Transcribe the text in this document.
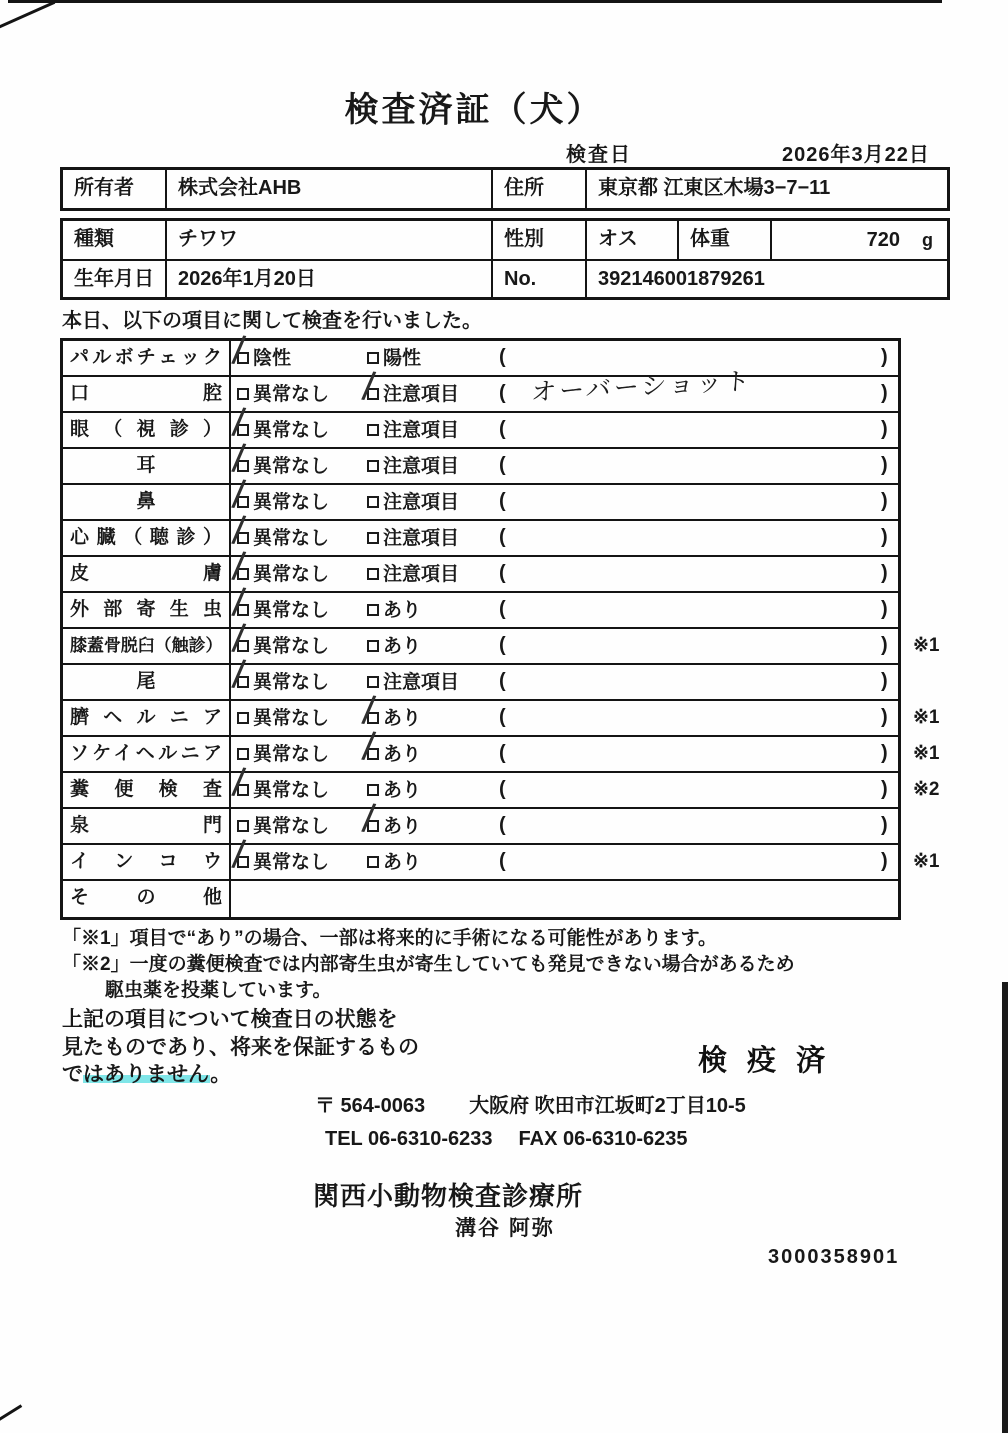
検査済証（犬）
検査日	2026年3月22日
所有者	株式会社AHB	住所	東京都 江東区木場3−7−11
種類	チワワ	性別	オス	体重	720 g
生年月日	2026年1月20日	No.	392146001879261
本日、以下の項目に関して検査を行いました。
パルボチェック / 陰性	陽性	(	)
口腔	異常なし / 注意項目 ( オーバーショット	)
眼（視診） / 異常なし	注意項目 (	)
耳	/ 異常なし	注意項目 (	)
鼻	/ 異常なし	注意項目 (	)
心臓（聴診） / 異常なし	注意項目 (	)
皮膚 / 異常なし	注意項目 (	)
外部寄生虫 / 異常なし	あり	(	)
膝蓋骨脱臼（触診） / 異常なし	あり	(	) ※1
尾	/ 異常なし	注意項目 (	)
臍ヘルニア	異常なし / あり	(	) ※1
ソケイヘルニア	異常なし / あり	(	) ※1
糞便検査 / 異常なし	あり	(	) ※2
泉門	異常なし / あり	(	)
インコウ / 異常なし	あり	(	) ※1
その他
「※1」項目で“あり”の場合、一部は将来的に手術になる可能性があります。
「※2」一度の糞便検査では内部寄生虫が寄生していても発見できない場合があるため
駆虫薬を投薬しています。
上記の項目について検査日の状態を
見たものであり、将来を保証するもの
ではありません。	検 疫 済
〒 564-0063 大阪府 吹田市江坂町2丁目10-5
TEL 06-6310-6233 FAX 06-6310-6235
関西小動物検査診療所
溝谷 阿弥
3000358901
